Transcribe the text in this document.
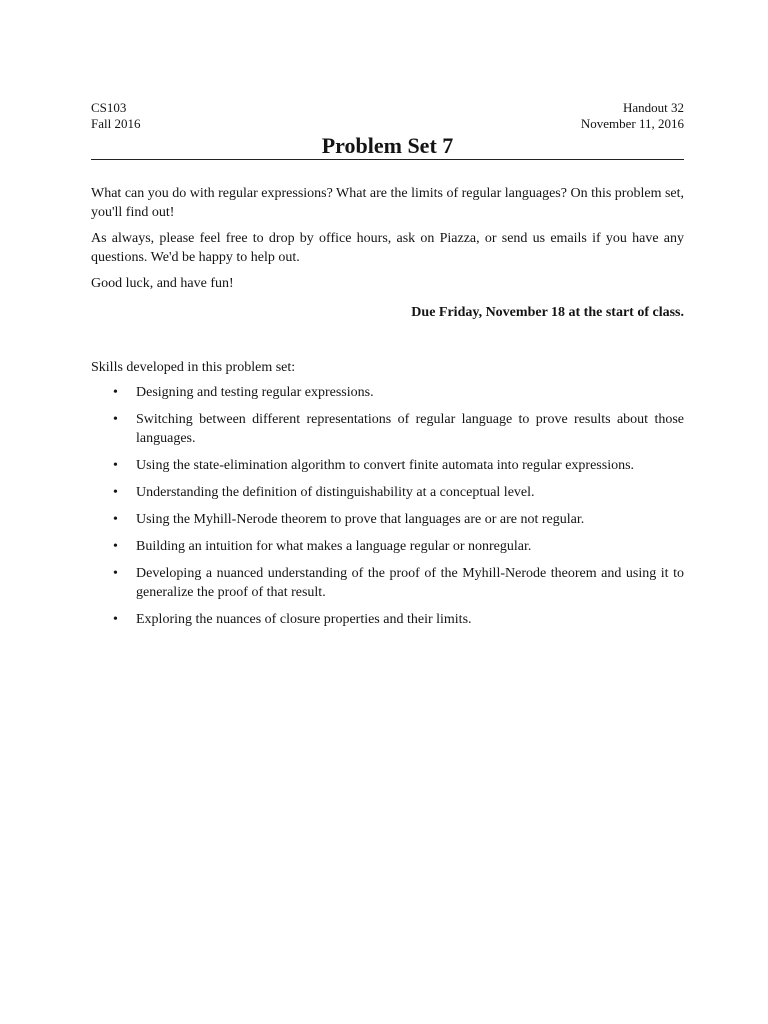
CS103
Fall 2016
Handout 32
November 11, 2016
Problem Set 7

What can you do with regular expressions? What are the limits of regular languages? On this problem set, you'll find out!

As always, please feel free to drop by office hours, ask on Piazza, or send us emails if you have any questions. We'd be happy to help out.

Good luck, and have fun!

Due Friday, November 18 at the start of class.

Skills developed in this problem set:

• Designing and testing regular expressions.
• Switching between different representations of regular language to prove results about those languages.
• Using the state-elimination algorithm to convert finite automata into regular expressions.
• Understanding the definition of distinguishability at a conceptual level.
• Using the Myhill-Nerode theorem to prove that languages are or are not regular.
• Building an intuition for what makes a language regular or nonregular.
• Developing a nuanced understanding of the proof of the Myhill-Nerode theorem and using it to generalize the proof of that result.
• Exploring the nuances of closure properties and their limits.
